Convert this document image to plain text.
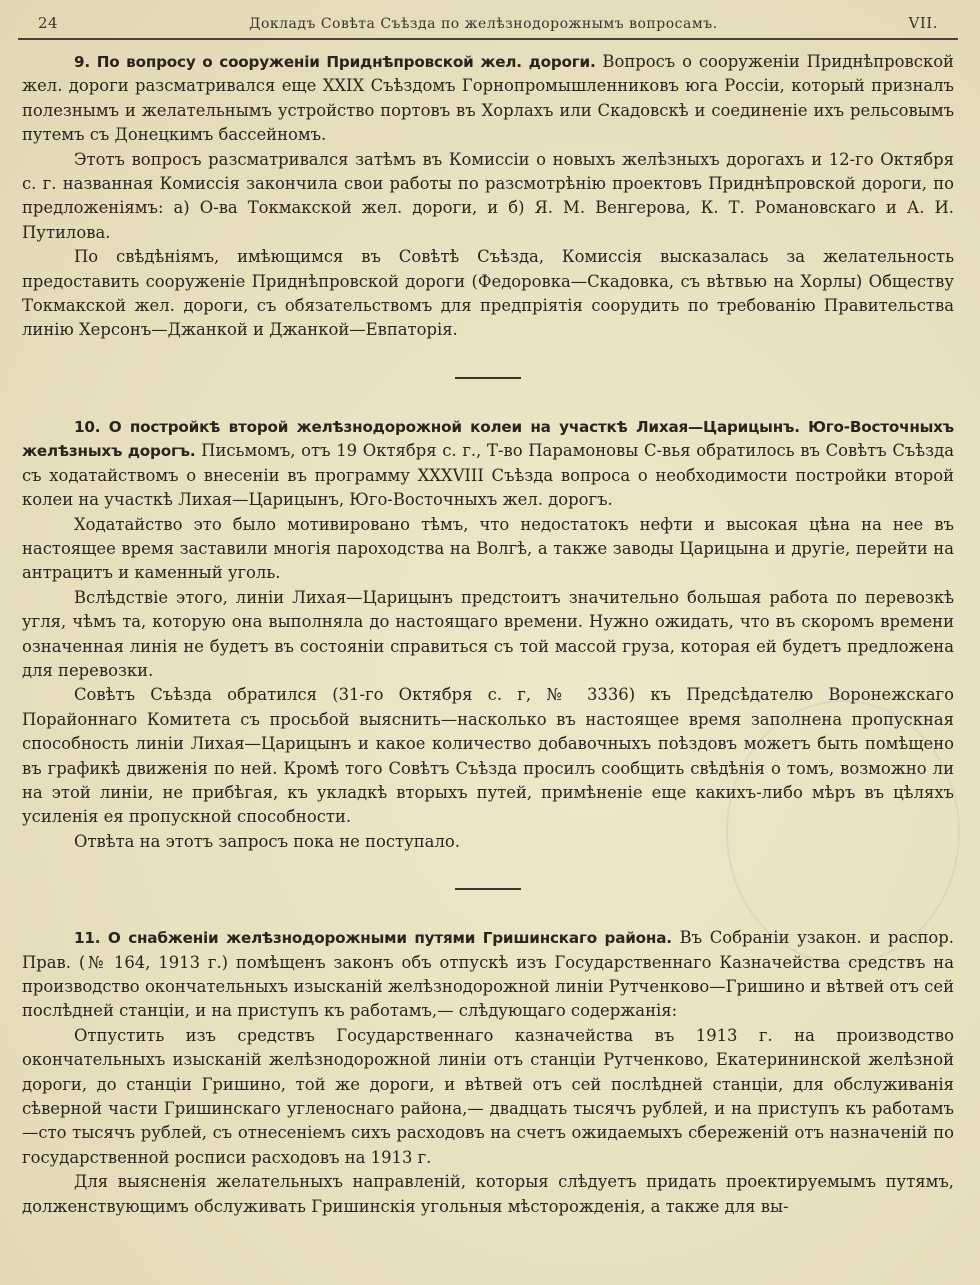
24	Докладъ Совѣта Съѣзда по желѣзнодорожнымъ вопросамъ.	VII.

9. По вопросу о сооруженіи Приднѣпровской жел. дороги. Вопросъ о сооруженіи Приднѣпровской жел. дороги разсматривался еще XXIX Съѣздомъ Горнопромышленниковъ юга Россіи, который призналъ полезнымъ и желательнымъ устройство портовъ въ Хорлахъ или Скадовскѣ и соединеніе ихъ рельсовымъ путемъ съ Донецкимъ бассейномъ.

Этотъ вопросъ разсматривался затѣмъ въ Комиссіи о новыхъ желѣзныхъ дорогахъ и 12-го Октября с. г. названная Комиссія закончила свои работы по разсмотрѣнію проектовъ Приднѣпровской дороги, по предложеніямъ: а) О-ва Токмакской жел. дороги, и б) Я. М. Венгерова, К. Т. Романовскаго и А. И. Путилова.

По свѣдѣніямъ, имѣющимся въ Совѣтѣ Съѣзда, Комиссія высказалась за желательность предоставить сооруженіе Приднѣпровской дороги (Федоровка—Скадовка, съ вѣтвью на Хорлы) Обществу Токмакской жел. дороги, съ обязательствомъ для предпріятія соорудить по требованію Правительства линію Херсонъ—Джанкой и Джанкой—Евпаторія.

10. О постройкѣ второй желѣзнодорожной колеи на участкѣ Лихая—Царицынъ. Юго-Восточныхъ желѣзныхъ дорогъ. Письмомъ, отъ 19 Октября с. г., Т-во Парамоновы С-вья обратилось въ Совѣтъ Съѣзда съ ходатайствомъ о внесеніи въ программу XXXVIII Съѣзда вопроса о необходимости постройки второй колеи на участкѣ Лихая—Царицынъ, Юго-Восточныхъ жел. дорогъ.

Ходатайство это было мотивировано тѣмъ, что недостатокъ нефти и высокая цѣна на нее въ настоящее время заставили многія пароходства на Волгѣ, а также заводы Царицына и другіе, перейти на антрацитъ и каменный уголь.

Вслѣдствіе этого, линіи Лихая—Царицынъ предстоитъ значительно большая работа по перевозкѣ угля, чѣмъ та, которую она выполняла до настоящаго времени. Нужно ожидать, что въ скоромъ времени означенная линія не будетъ въ состояніи справиться съ той массой груза, которая ей будетъ предложена для перевозки.

Совѣтъ Съѣзда обратился (31-го Октября с. г, № 3336) къ Предсѣдателю Воронежскаго Порайоннаго Комитета съ просьбой выяснить—насколько въ настоящее время заполнена пропускная способность линіи Лихая—Царицынъ и какое количество добавочныхъ поѣздовъ можетъ быть помѣщено въ графикѣ движенія по ней. Кромѣ того Совѣтъ Съѣзда просилъ сообщить свѣдѣнія о томъ, возможно ли на этой линіи, не прибѣгая, къ укладкѣ вторыхъ путей, примѣненіе еще какихъ-либо мѣръ въ цѣляхъ усиленія ея пропускной способности.

Отвѣта на этотъ запросъ пока не поступало.

11. О снабженіи желѣзнодорожными путями Гришинскаго района. Въ Собраніи узакон. и распор. Прав. (№ 164, 1913 г.) помѣщенъ законъ объ отпускѣ изъ Государственнаго Казначейства средствъ на производство окончательныхъ изысканій желѣзнодорожной линіи Рутченково—Гришино и вѣтвей отъ сей послѣдней станціи, и на приступъ къ работамъ,— слѣдующаго содержанія:

Отпустить изъ средствъ Государственнаго казначейства въ 1913 г. на производство окончательныхъ изысканій желѣзнодорожной линіи отъ станціи Рутченково, Екатерининской желѣзной дороги, до станціи Гришино, той же дороги, и вѣтвей отъ сей послѣдней станціи, для обслуживанія сѣверной части Гришинскаго угленоснаго района,— двадцать тысячъ рублей, и на приступъ къ работамъ—сто тысячъ рублей, съ отнесеніемъ сихъ расходовъ на счетъ ожидаемыхъ сбереженій отъ назначеній по государственной росписи расходовъ на 1913 г.

Для выясненія желательныхъ направленій, которыя слѣдуетъ придать проектируемымъ путямъ, долженствующимъ обслуживать Гришинскія угольныя мѣсторожденія, а также для вы-
